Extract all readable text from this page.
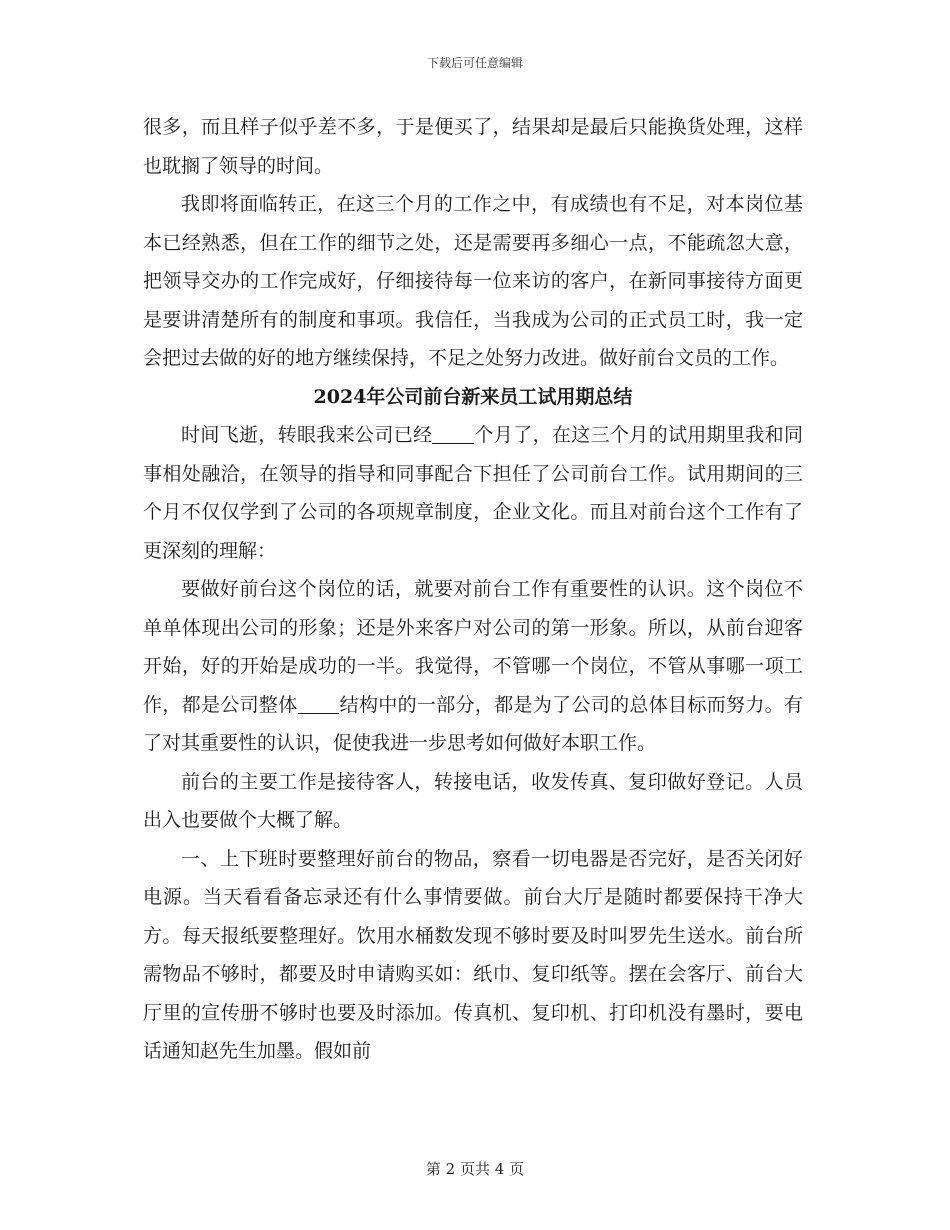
下载后可任意编辑

很多，而且样子似乎差不多，于是便买了，结果却是最后只能换货处理，这样也耽搁了领导的时间。

我即将面临转正，在这三个月的工作之中，有成绩也有不足，对本岗位基本已经熟悉，但在工作的细节之处，还是需要再多细心一点，不能疏忽大意，把领导交办的工作完成好，仔细接待每一位来访的客户，在新同事接待方面更是要讲清楚所有的制度和事项。我信任，当我成为公司的正式员工时，我一定会把过去做的好的地方继续保持，不足之处努力改进。做好前台文员的工作。

2024年公司前台新来员工试用期总结

时间飞逝，转眼我来公司已经 个月了，在这三个月的试用期里我和同事相处融洽，在领导的指导和同事配合下担任了公司前台工作。试用期间的三个月不仅仅学到了公司的各项规章制度，企业文化。而且对前台这个工作有了更深刻的理解：

要做好前台这个岗位的话，就要对前台工作有重要性的认识。这个岗位不单单体现出公司的形象；还是外来客户对公司的第一形象。所以，从前台迎客开始，好的开始是成功的一半。我觉得，不管哪一个岗位，不管从事哪一项工作，都是公司整体 结构中的一部分，都是为了公司的总体目标而努力。有了对其重要性的认识，促使我进一步思考如何做好本职工作。

前台的主要工作是接待客人，转接电话，收发传真、复印做好登记。人员出入也要做个大概了解。

一、上下班时要整理好前台的物品，察看一切电器是否完好，是否关闭好电源。当天看看备忘录还有什么事情要做。前台大厅是随时都要保持干净大方。每天报纸要整理好。饮用水桶数发现不够时要及时叫罗先生送水。前台所需物品不够时，都要及时申请购买如：纸巾、复印纸等。摆在会客厅、前台大厅里的宣传册不够时也要及时添加。传真机、复印机、打印机没有墨时，要电话通知赵先生加墨。假如前

第 2 页共 4 页
